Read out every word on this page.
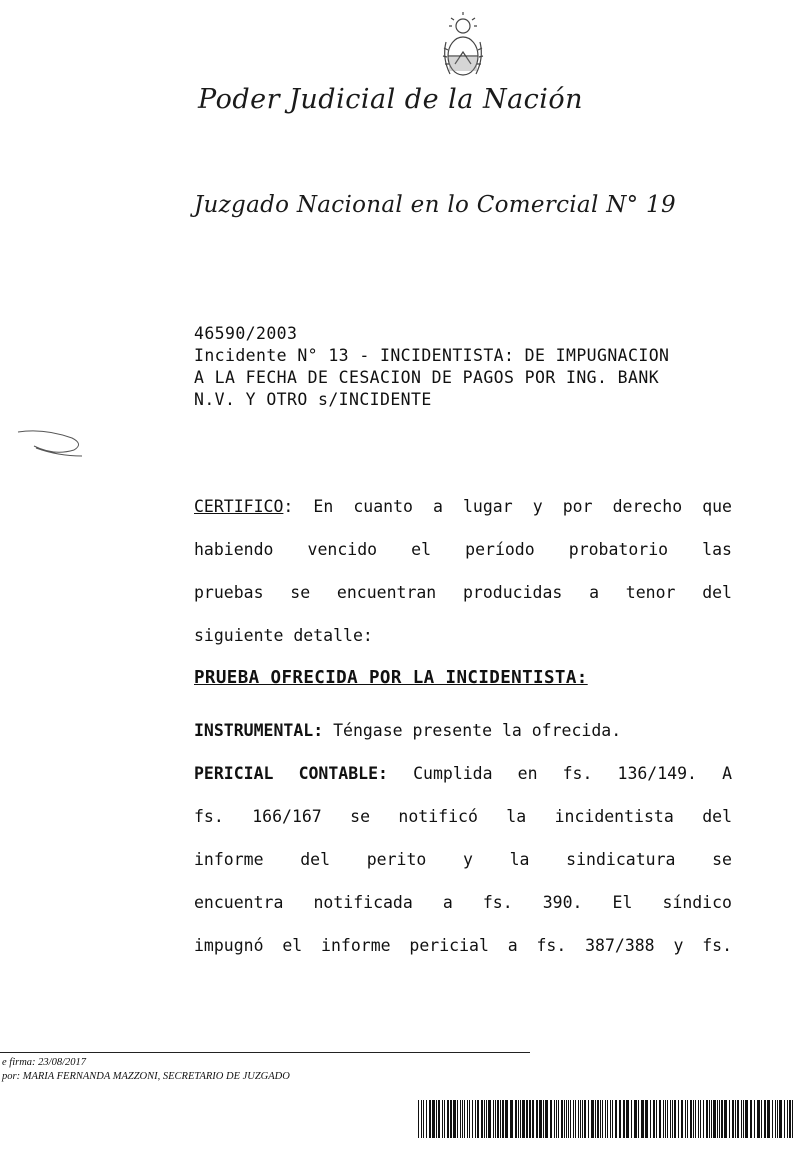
Poder Judicial de la Nación
Juzgado Nacional en lo Comercial N° 19
46590/2003
Incidente N° 13 - INCIDENTISTA: DE IMPUGNACION
A LA FECHA DE CESACION DE PAGOS POR ING. BANK
N.V. Y OTRO s/INCIDENTE
CERTIFICO: En cuanto a lugar y por derecho que
habiendo vencido el período probatorio las
pruebas se encuentran producidas a tenor del
siguiente detalle:
PRUEBA OFRECIDA POR LA INCIDENTISTA:
INSTRUMENTAL: Téngase presente la ofrecida.
PERICIAL CONTABLE: Cumplida en fs. 136/149. A
fs. 166/167 se notificó la incidentista del
informe del perito y la sindicatura se
encuentra notificada a fs. 390. El síndico
impugnó el informe pericial a fs. 387/388 y fs.
e firma: 23/08/2017
por: MARIA FERNANDA MAZZONI, SECRETARIO DE JUZGADO
